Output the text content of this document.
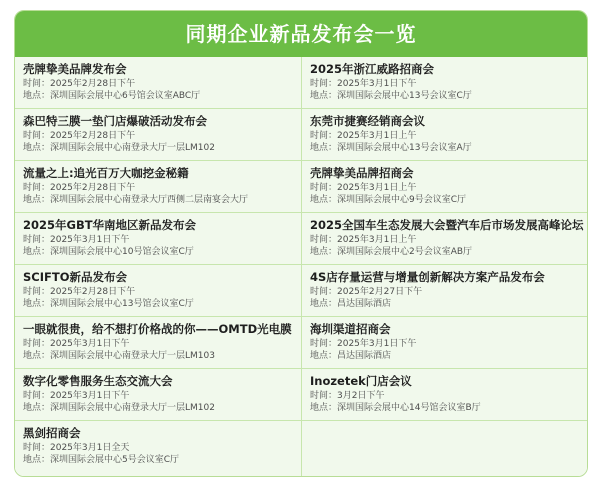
同期企业新品发布会一览
壳牌挚美品牌发布会
时间：2025年2月28日下午
地点：深圳国际会展中心6号馆会议室ABC厅
森巴特三膜一垫门店爆破活动发布会
时间：2025年2月28日下午
地点：深圳国际会展中心南登录大厅一层LM102
流量之上:追光百万大咖挖金秘籍
时间：2025年2月28日下午
地点：深圳国际会展中心南登录大厅西侧二层南宴会大厅
2025年GBT华南地区新品发布会
时间：2025年3月1日下午
地点：深圳国际会展中心10号馆会议室C厅
SCIFTO新品发布会
时间：2025年2月28日下午
地点：深圳国际会展中心13号馆会议室C厅
一眼就很贵，给不想打价格战的你——OMTD光电膜
时间：2025年3月1日下午
地点：深圳国际会展中心南登录大厅一层LM103
数字化零售服务生态交流大会
时间：2025年3月1日下午
地点：深圳国际会展中心南登录大厅一层LM102
黑剑招商会
时间：2025年3月1日全天
地点：深圳国际会展中心5号会议室C厅
2025年浙江威路招商会
时间：2025年3月1日下午
地点：深圳国际会展中心13号会议室C厅
东莞市捷赛经销商会议
时间：2025年3月1日上午
地点：深圳国际会展中心13号会议室A厅
壳牌挚美品牌招商会
时间：2025年3月1日上午
地点：深圳国际会展中心9号会议室C厅
2025全国车生态发展大会暨汽车后市场发展高峰论坛
时间：2025年3月1日上午
地点：深圳国际会展中心2号会议室AB厅
4S店存量运营与增量创新解决方案产品发布会
时间：2025年2月27日下午
地点：昌达国际酒店
海圳渠道招商会
时间：2025年3月1日下午
地点：昌达国际酒店
Inozetek门店会议
时间：3月2日下午
地点：深圳国际会展中心14号馆会议室B厅
